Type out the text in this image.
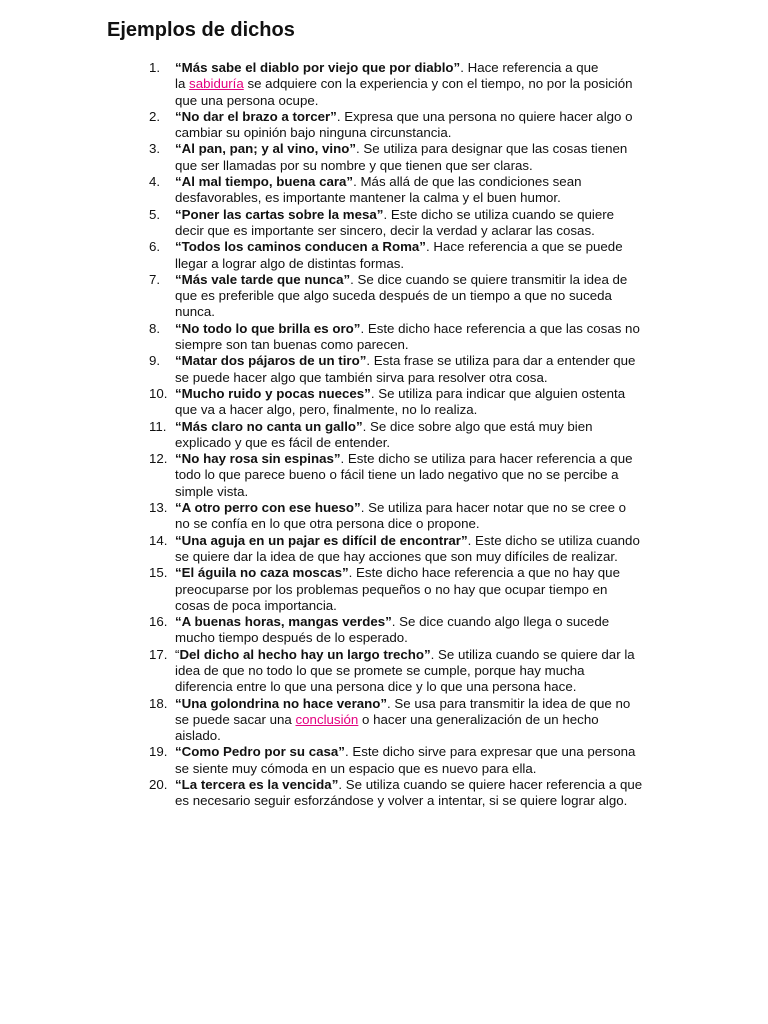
Ejemplos de dichos
1.	“Más sabe el diablo por viejo que por diablo”. Hace referencia a que
la sabiduría se adquiere con la experiencia y con el tiempo, no por la posición
que una persona ocupe.
2.	“No dar el brazo a torcer”. Expresa que una persona no quiere hacer algo o
cambiar su opinión bajo ninguna circunstancia.
3.	“Al pan, pan; y al vino, vino”. Se utiliza para designar que las cosas tienen
que ser llamadas por su nombre y que tienen que ser claras.
4.	“Al mal tiempo, buena cara”. Más allá de que las condiciones sean
desfavorables, es importante mantener la calma y el buen humor.
5.	“Poner las cartas sobre la mesa”. Este dicho se utiliza cuando se quiere
decir que es importante ser sincero, decir la verdad y aclarar las cosas.
6.	“Todos los caminos conducen a Roma”. Hace referencia a que se puede
llegar a lograr algo de distintas formas.
7.	“Más vale tarde que nunca”. Se dice cuando se quiere transmitir la idea de
que es preferible que algo suceda después de un tiempo a que no suceda
nunca.
8.	“No todo lo que brilla es oro”. Este dicho hace referencia a que las cosas no
siempre son tan buenas como parecen.
9.	“Matar dos pájaros de un tiro”. Esta frase se utiliza para dar a entender que
se puede hacer algo que también sirva para resolver otra cosa.
10. “Mucho ruido y pocas nueces”. Se utiliza para indicar que alguien ostenta
que va a hacer algo, pero, finalmente, no lo realiza.
11. “Más claro no canta un gallo”. Se dice sobre algo que está muy bien
explicado y que es fácil de entender.
12. “No hay rosa sin espinas”. Este dicho se utiliza para hacer referencia a que
todo lo que parece bueno o fácil tiene un lado negativo que no se percibe a
simple vista.
13. “A otro perro con ese hueso”. Se utiliza para hacer notar que no se cree o
no se confía en lo que otra persona dice o propone.
14. “Una aguja en un pajar es difícil de encontrar”. Este dicho se utiliza cuando
se quiere dar la idea de que hay acciones que son muy difíciles de realizar.
15. “El águila no caza moscas”. Este dicho hace referencia a que no hay que
preocuparse por los problemas pequeños o no hay que ocupar tiempo en
cosas de poca importancia.
16. “A buenas horas, mangas verdes”. Se dice cuando algo llega o sucede
mucho tiempo después de lo esperado.
17. “Del dicho al hecho hay un largo trecho”. Se utiliza cuando se quiere dar la
idea de que no todo lo que se promete se cumple, porque hay mucha
diferencia entre lo que una persona dice y lo que una persona hace.
18. “Una golondrina no hace verano”. Se usa para transmitir la idea de que no
se puede sacar una conclusión o hacer una generalización de un hecho
aislado.
19. “Como Pedro por su casa”. Este dicho sirve para expresar que una persona
se siente muy cómoda en un espacio que es nuevo para ella.
20. “La tercera es la vencida”. Se utiliza cuando se quiere hacer referencia a que
es necesario seguir esforzándose y volver a intentar, si se quiere lograr algo.
